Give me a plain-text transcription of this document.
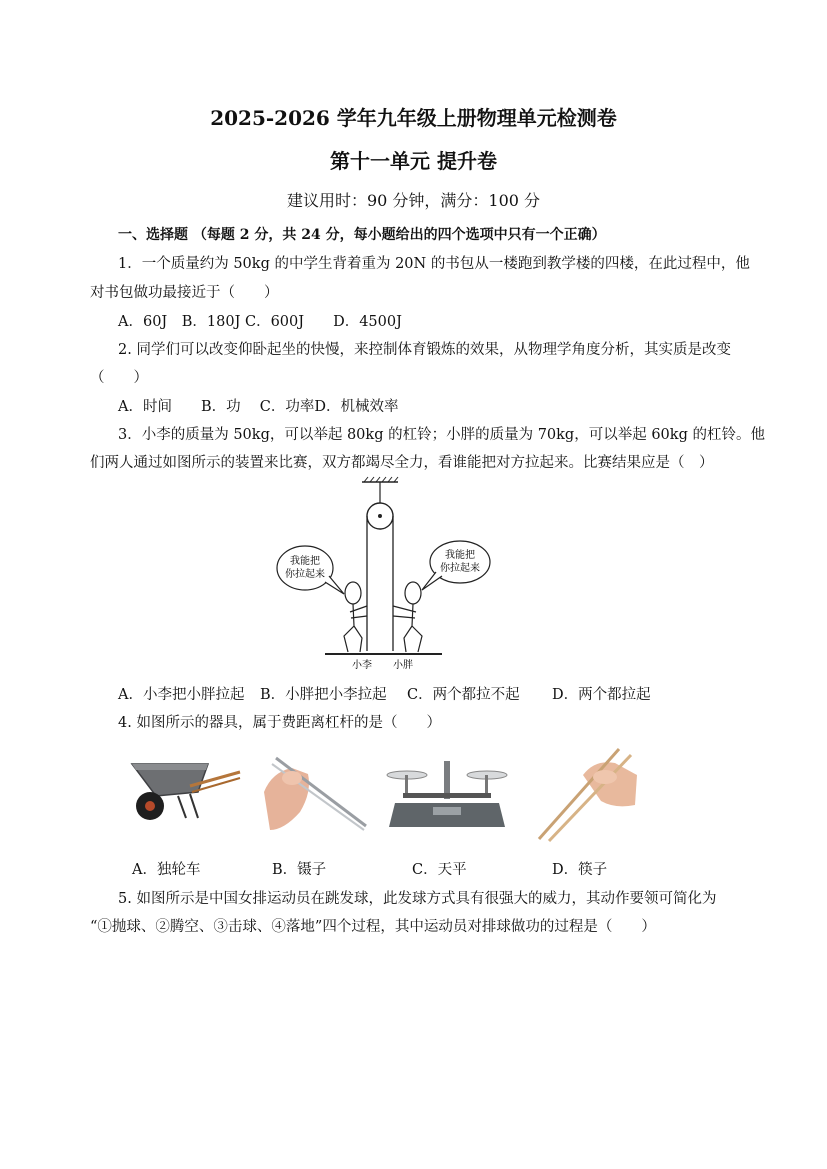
2025-2026 学年九年级上册物理单元检测卷
第十一单元 提升卷
建议用时：90 分钟，满分：100 分
一、选择题 （每题 2 分，共 24 分，每小题给出的四个选项中只有一个正确）
1．一个质量约为 50kg 的中学生背着重为 20N 的书包从一楼跑到教学楼的四楼，在此过程中，他
对书包做功最接近于（　　）
A．60J　B．180J C．600J　　D．4500J
2. 同学们可以改变仰卧起坐的快慢，来控制体育锻炼的效果，从物理学角度分析，其实质是改变
（　　）
A．时间　　B．功　 C．功率D．机械效率
3．小李的质量为 50kg，可以举起 80kg 的杠铃；小胖的质量为 70kg，可以举起 60kg 的杠铃。他
们两人通过如图所示的装置来比赛，双方都竭尽全力，看谁能把对方拉起来。比赛结果应是（　）
我能把
你拉起来
我能把
你拉起来
小李 小胖
A．小李把小胖拉起 B．小胖把小李拉起 C．两个都拉不起 D．两个都拉起
4. 如图所示的器具，属于费距离杠杆的是（　　）
A．独轮车	B．镊子	C．天平	D．筷子
5. 如图所示是中国女排运动员在跳发球，此发球方式具有很强大的威力，其动作要领可简化为
“①抛球、②腾空、③击球、④落地”四个过程，其中运动员对排球做功的过程是（　　）
